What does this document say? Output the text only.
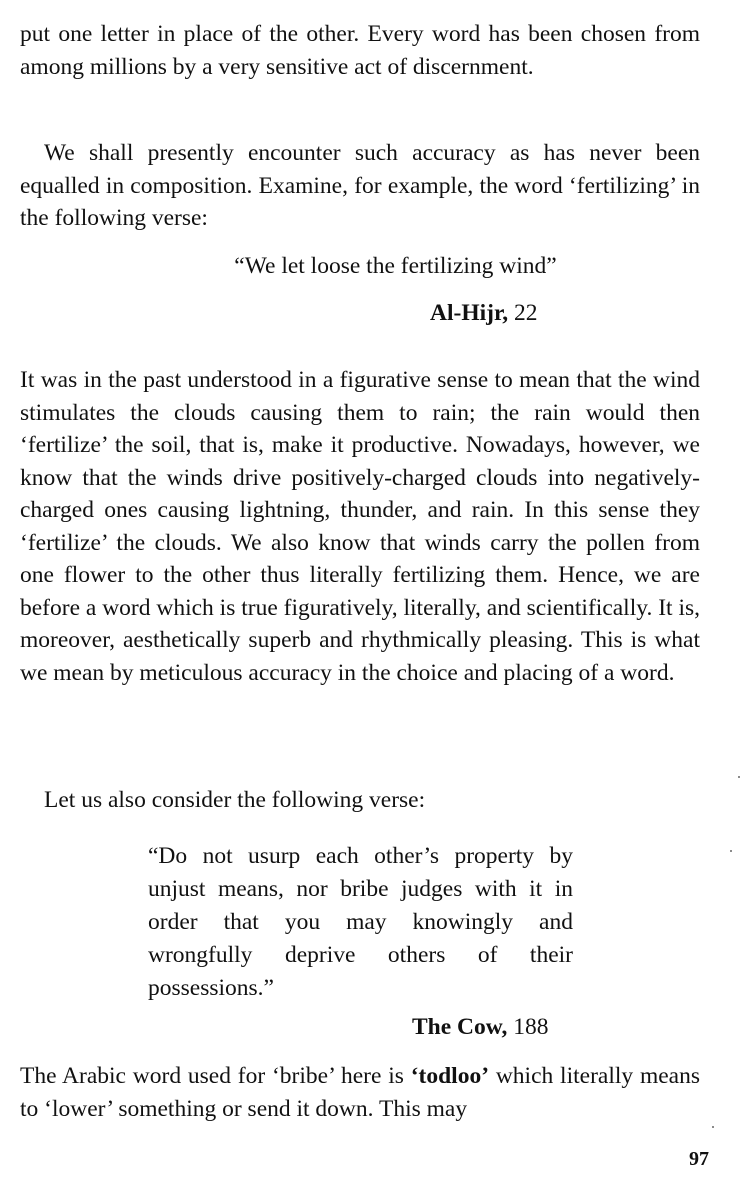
put one letter in place of the other. Every word has been chosen from among millions by a very sensitive act of discernment.

We shall presently encounter such accuracy as has never been equalled in composition. Examine, for example, the word ‘fertilizing’ in the following verse:

“We let loose the fertilizing wind”
Al-Hijr, 22

It was in the past understood in a figurative sense to mean that the wind stimulates the clouds causing them to rain; the rain would then ‘fertilize’ the soil, that is, make it productive. Nowadays, however, we know that the winds drive positively-charged clouds into negatively-charged ones causing lightning, thunder, and rain. In this sense they ‘fertilize’ the clouds. We also know that winds carry the pollen from one flower to the other thus literally fertilizing them. Hence, we are before a word which is true figuratively, literally, and scientifically. It is, moreover, aesthetically superb and rhythmically pleasing. This is what we mean by meticulous accuracy in the choice and placing of a word.

Let us also consider the following verse:

“Do not usurp each other’s property by unjust means, nor bribe judges with it in order that you may knowingly and wrongfully deprive others of their possessions.”

The Cow, 188

The Arabic word used for ‘bribe’ here is ‘todloo’ which literally means to ‘lower’ something or send it down. This may

97
